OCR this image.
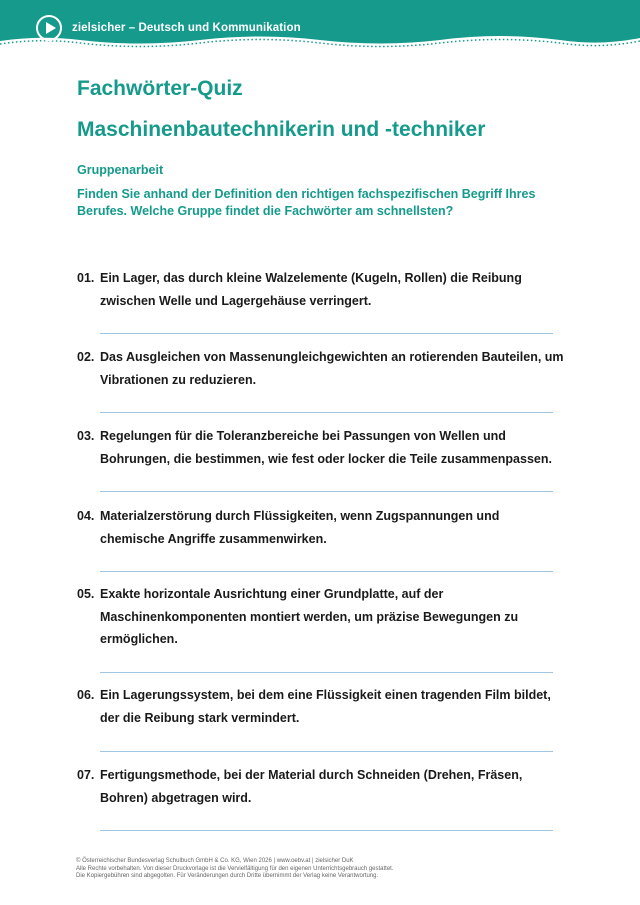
zielsicher – Deutsch und Kommunikation
Fachwörter-Quiz
Maschinenbautechnikerin und -techniker
Gruppenarbeit
Finden Sie anhand der Definition den richtigen fachspezifischen Begriff Ihres Berufes. Welche Gruppe findet die Fachwörter am schnellsten?
01. Ein Lager, das durch kleine Walzelemente (Kugeln, Rollen) die Reibung zwischen Welle und Lagergehäuse verringert.
02. Das Ausgleichen von Massenungleichgewichten an rotierenden Bauteilen, um Vibrationen zu reduzieren.
03. Regelungen für die Toleranzbereiche bei Passungen von Wellen und Bohrungen, die bestimmen, wie fest oder locker die Teile zusammenpassen.
04. Materialzerstörung durch Flüssigkeiten, wenn Zugspannungen und chemische Angriffe zusammenwirken.
05. Exakte horizontale Ausrichtung einer Grundplatte, auf der Maschinenkomponenten montiert werden, um präzise Bewegungen zu ermöglichen.
06. Ein Lagerungssystem, bei dem eine Flüssigkeit einen tragenden Film bildet, der die Reibung stark vermindert.
07. Fertigungsmethode, bei der Material durch Schneiden (Drehen, Fräsen, Bohren) abgetragen wird.
© Österreichischer Bundesverlag Schulbuch GmbH & Co. KG, Wien 2026 | www.oebv.at | zielsicher DuK
Alle Rechte vorbehalten. Von dieser Druckvorlage ist die Vervielfältigung für den eigenen Unterrichtsgebrauch gestattet.
Die Kopiergebühren sind abgegolten. Für Veränderungen durch Dritte übernimmt der Verlag keine Verantwortung.
